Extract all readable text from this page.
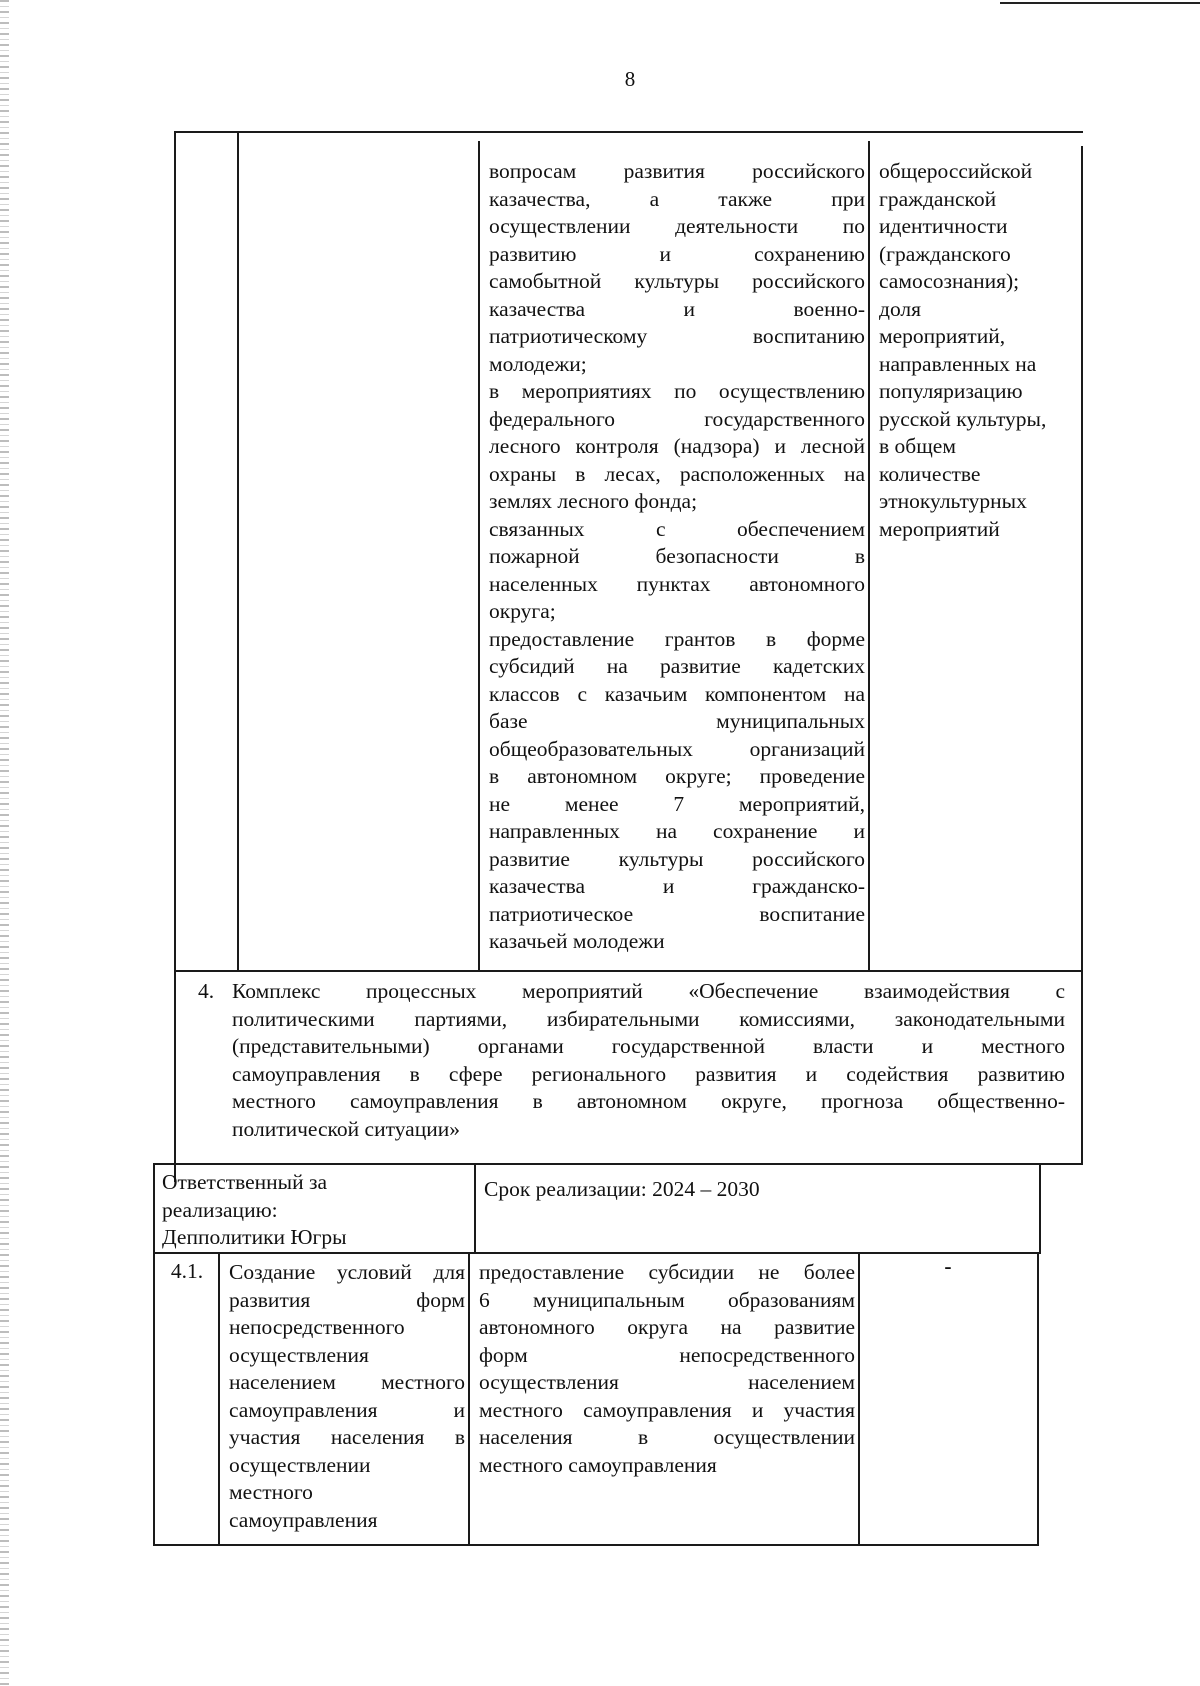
8
вопросам развития российского
казачества, а также при
осуществлении деятельности по
развитию и сохранению
самобытной культуры российского
казачества и военно-
патриотическому воспитанию
молодежи;
в мероприятиях по осуществлению
федерального государственного
лесного контроля (надзора) и лесной
охраны в лесах, расположенных на
землях лесного фонда;
связанных с обеспечением
пожарной безопасности в
населенных пунктах автономного
округа;
предоставление грантов в форме
субсидий на развитие кадетских
классов с казачьим компонентом на
базе муниципальных
общеобразовательных организаций
в автономном округе; проведение
не менее 7 мероприятий,
направленных на сохранение и
развитие культуры российского
казачества и гражданско-
патриотическое воспитание
казачьей молодежи
общероссийской
гражданской
идентичности
(гражданского
самосознания);
доля
мероприятий,
направленных на
популяризацию
русской культуры,
в общем
количестве
этнокультурных
мероприятий
4. Комплекс процессных мероприятий «Обеспечение взаимодействия с
политическими партиями, избирательными комиссиями, законодательными
(представительными) органами государственной власти и местного
самоуправления в сфере регионального развития и содействия развитию
местного самоуправления в автономном округе, прогноза общественно-
политической ситуации»
Ответственный за
реализацию:
Депполитики Югры
Срок реализации: 2024 – 2030
4.1.	Создание условий для
развития форм
непосредственного
осуществления
населением местного
самоуправления и
участия населения в
осуществлении
местного
самоуправления
предоставление субсидии не более
6 муниципальным образованиям
автономного округа на развитие
форм непосредственного
осуществления населением
местного самоуправления и участия
населения в осуществлении
местного самоуправления
-
